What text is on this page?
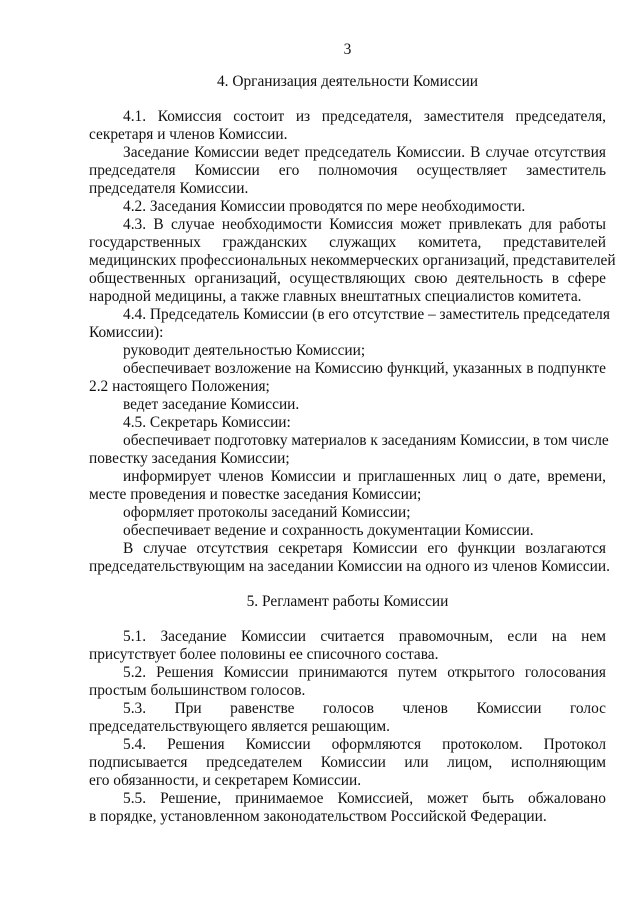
3
4. Организация деятельности Комиссии
4.1. Комиссия состоит из председателя, заместителя председателя,
секретаря и членов Комиссии.
Заседание Комиссии ведет председатель Комиссии. В случае отсутствия
председателя Комиссии его полномочия осуществляет заместитель
председателя Комиссии.
4.2. Заседания Комиссии проводятся по мере необходимости.
4.3. В случае необходимости Комиссия может привлекать для работы
государственных гражданских служащих комитета, представителей
медицинских профессиональных некоммерческих организаций, представителей
общественных организаций, осуществляющих свою деятельность в сфере
народной медицины, а также главных внештатных специалистов комитета.
4.4. Председатель Комиссии (в его отсутствие – заместитель председателя
Комиссии):
руководит деятельностью Комиссии;
обеспечивает возложение на Комиссию функций, указанных в подпункте
2.2 настоящего Положения;
ведет заседание Комиссии.
4.5. Секретарь Комиссии:
обеспечивает подготовку материалов к заседаниям Комиссии, в том числе
повестку заседания Комиссии;
информирует членов Комиссии и приглашенных лиц о дате, времени,
месте проведения и повестке заседания Комиссии;
оформляет протоколы заседаний Комиссии;
обеспечивает ведение и сохранность документации Комиссии.
В случае отсутствия секретаря Комиссии его функции возлагаются
председательствующим на заседании Комиссии на одного из членов Комиссии.
5. Регламент работы Комиссии
5.1. Заседание Комиссии считается правомочным, если на нем
присутствует более половины ее списочного состава.
5.2. Решения Комиссии принимаются путем открытого голосования
простым большинством голосов.
5.3. При равенстве голосов членов Комиссии голос
председательствующего является решающим.
5.4. Решения Комиссии оформляются протоколом. Протокол
подписывается председателем Комиссии или лицом, исполняющим
его обязанности, и секретарем Комиссии.
5.5. Решение, принимаемое Комиссией, может быть обжаловано
в порядке, установленном законодательством Российской Федерации.
